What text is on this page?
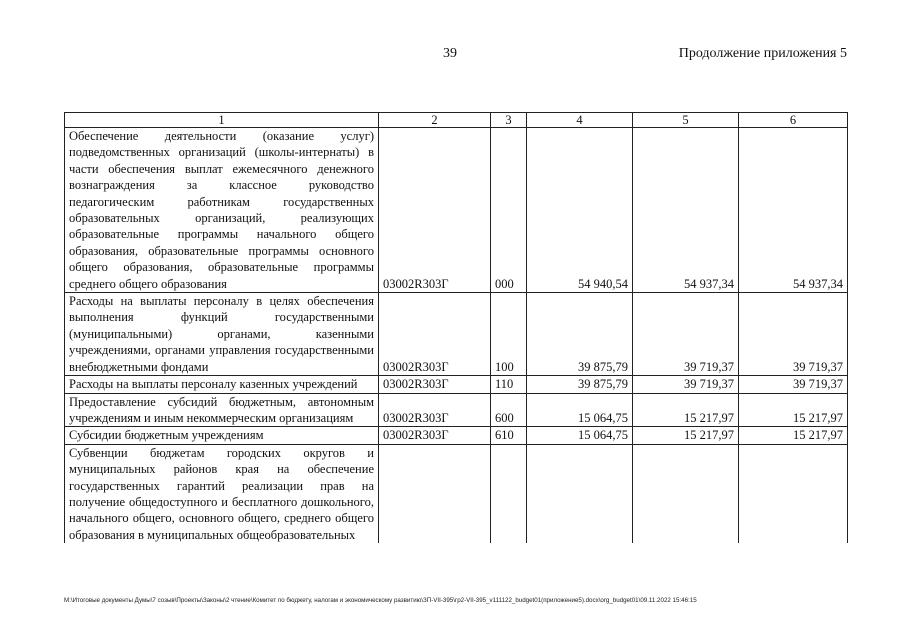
39	Продолжение приложения 5
1	2	3	4	5	6

Обеспечение деятельности (оказание услуг) подведомственных организаций (школы-интернаты) в части обеспечения выплат ежемесячного денежного вознаграждения за классное руководство педагогическим работникам государственных образовательных организаций, реализующих образовательные программы начального общего образования, образовательные программы основного общего образования, образовательные программы среднего общего образования	03002R303Г	000	54 940,54	54 937,34	54 937,34

Расходы на выплаты персоналу в целях обеспечения выполнения функций государственными (муниципальными) органами, казенными учреждениями, органами управления государственными внебюджетными фондами	03002R303Г	100	39 875,79	39 719,37	39 719,37

Расходы на выплаты персоналу казенных учреждений	03002R303Г	110	39 875,79	39 719,37	39 719,37

Предоставление субсидий бюджетным, автономным учреждениям и иным некоммерческим организациям	03002R303Г	600	15 064,75	15 217,97	15 217,97

Субсидии бюджетным учреждениям	03002R303Г	610	15 064,75	15 217,97	15 217,97

Субвенции бюджетам городских округов и муниципальных районов края на обеспечение государственных гарантий реализации прав на получение общедоступного и бесплатного дошкольного, начального общего, основного общего, среднего общего образования в муниципальных общеобразовательных					

M:\Итоговые документы Думы\7 созыв\Проекты\Законы\2 чтение\Комитет по бюджету, налогам и экономическому развитию\ЗП-VII-395\гр2-VII-395_v111122_budget01(приложение5).docx\org_budget01\09.11.2022 15:46:15
